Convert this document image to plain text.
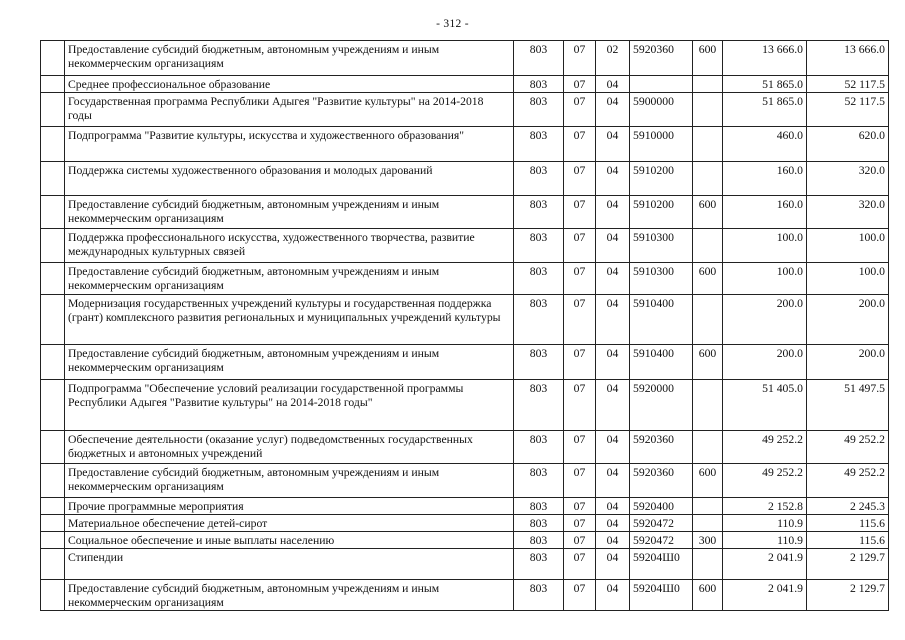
- 312 -
	Предоставление субсидий бюджетным, автономным учреждениям и иным некоммерческим организациям	803	07	02	5920360	600	13 666.0	13 666.0
	Среднее профессиональное образование	803	07	04			51 865.0	52 117.5
	Государственная программа Республики Адыгея "Развитие культуры" на 2014-2018 годы	803	07	04	5900000		51 865.0	52 117.5
	Подпрограмма "Развитие культуры, искусства и художественного образования"	803	07	04	5910000		460.0	620.0
	Поддержка системы художественного образования и молодых дарований	803	07	04	5910200		160.0	320.0
	Предоставление субсидий бюджетным, автономным учреждениям и иным некоммерческим организациям	803	07	04	5910200	600	160.0	320.0
	Поддержка профессионального искусства, художественного творчества, развитие международных культурных связей	803	07	04	5910300		100.0	100.0
	Предоставление субсидий бюджетным, автономным учреждениям и иным некоммерческим организациям	803	07	04	5910300	600	100.0	100.0
	Модернизация государственных учреждений культуры и государственная поддержка (грант) комплексного развития региональных и муниципальных учреждений культуры	803	07	04	5910400		200.0	200.0
	Предоставление субсидий бюджетным, автономным учреждениям и иным некоммерческим организациям	803	07	04	5910400	600	200.0	200.0
	Подпрограмма "Обеспечение условий реализации государственной программы Республики Адыгея "Развитие культуры" на 2014-2018 годы"	803	07	04	5920000		51 405.0	51 497.5
	Обеспечение деятельности (оказание услуг) подведомственных государственных бюджетных и автономных учреждений	803	07	04	5920360		49 252.2	49 252.2
	Предоставление субсидий бюджетным, автономным учреждениям и иным некоммерческим организациям	803	07	04	5920360	600	49 252.2	49 252.2
	Прочие программные мероприятия	803	07	04	5920400		2 152.8	2 245.3
	Материальное обеспечение детей-сирот	803	07	04	5920472		110.9	115.6
	Социальное обеспечение и иные выплаты населению	803	07	04	5920472	300	110.9	115.6
	Стипендии	803	07	04	59204Ш0		2 041.9	2 129.7
	Предоставление субсидий бюджетным, автономным учреждениям и иным некоммерческим организациям	803	07	04	59204Ш0	600	2 041.9	2 129.7
